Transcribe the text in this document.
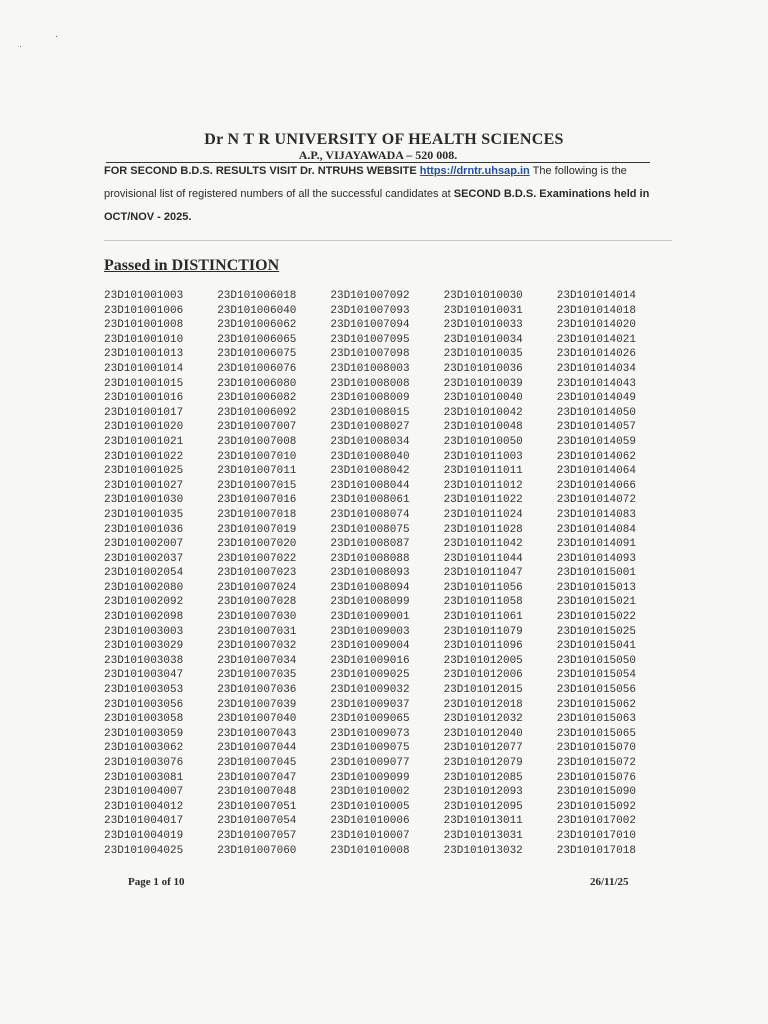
Dr N T R UNIVERSITY OF HEALTH SCIENCES
A.P., VIJAYAWADA – 520 008.
FOR SECOND B.D.S. RESULTS VISIT Dr. NTRUHS WEBSITE https://drntr.uhsap.in The following is the provisional list of registered numbers of all the successful candidates at SECOND B.D.S. Examinations held in OCT/NOV - 2025.
Passed in DISTINCTION
23D101001003	23D101006018	23D101007092	23D101010030	23D101014014
23D101001006	23D101006040	23D101007093	23D101010031	23D101014018
23D101001008	23D101006062	23D101007094	23D101010033	23D101014020
23D101001010	23D101006065	23D101007095	23D101010034	23D101014021
23D101001013	23D101006075	23D101007098	23D101010035	23D101014026
23D101001014	23D101006076	23D101008003	23D101010036	23D101014034
23D101001015	23D101006080	23D101008008	23D101010039	23D101014043
23D101001016	23D101006082	23D101008009	23D101010040	23D101014049
23D101001017	23D101006092	23D101008015	23D101010042	23D101014050
23D101001020	23D101007007	23D101008027	23D101010048	23D101014057
23D101001021	23D101007008	23D101008034	23D101010050	23D101014059
23D101001022	23D101007010	23D101008040	23D101011003	23D101014062
23D101001025	23D101007011	23D101008042	23D101011011	23D101014064
23D101001027	23D101007015	23D101008044	23D101011012	23D101014066
23D101001030	23D101007016	23D101008061	23D101011022	23D101014072
23D101001035	23D101007018	23D101008074	23D101011024	23D101014083
23D101001036	23D101007019	23D101008075	23D101011028	23D101014084
23D101002007	23D101007020	23D101008087	23D101011042	23D101014091
23D101002037	23D101007022	23D101008088	23D101011044	23D101014093
23D101002054	23D101007023	23D101008093	23D101011047	23D101015001
23D101002080	23D101007024	23D101008094	23D101011056	23D101015013
23D101002092	23D101007028	23D101008099	23D101011058	23D101015021
23D101002098	23D101007030	23D101009001	23D101011061	23D101015022
23D101003003	23D101007031	23D101009003	23D101011079	23D101015025
23D101003029	23D101007032	23D101009004	23D101011096	23D101015041
23D101003038	23D101007034	23D101009016	23D101012005	23D101015050
23D101003047	23D101007035	23D101009025	23D101012006	23D101015054
23D101003053	23D101007036	23D101009032	23D101012015	23D101015056
23D101003056	23D101007039	23D101009037	23D101012018	23D101015062
23D101003058	23D101007040	23D101009065	23D101012032	23D101015063
23D101003059	23D101007043	23D101009073	23D101012040	23D101015065
23D101003062	23D101007044	23D101009075	23D101012077	23D101015070
23D101003076	23D101007045	23D101009077	23D101012079	23D101015072
23D101003081	23D101007047	23D101009099	23D101012085	23D101015076
23D101004007	23D101007048	23D101010002	23D101012093	23D101015090
23D101004012	23D101007051	23D101010005	23D101012095	23D101015092
23D101004017	23D101007054	23D101010006	23D101013011	23D101017002
23D101004019	23D101007057	23D101010007	23D101013031	23D101017010
23D101004025	23D101007060	23D101010008	23D101013032	23D101017018
Page 1 of 10	26/11/25
